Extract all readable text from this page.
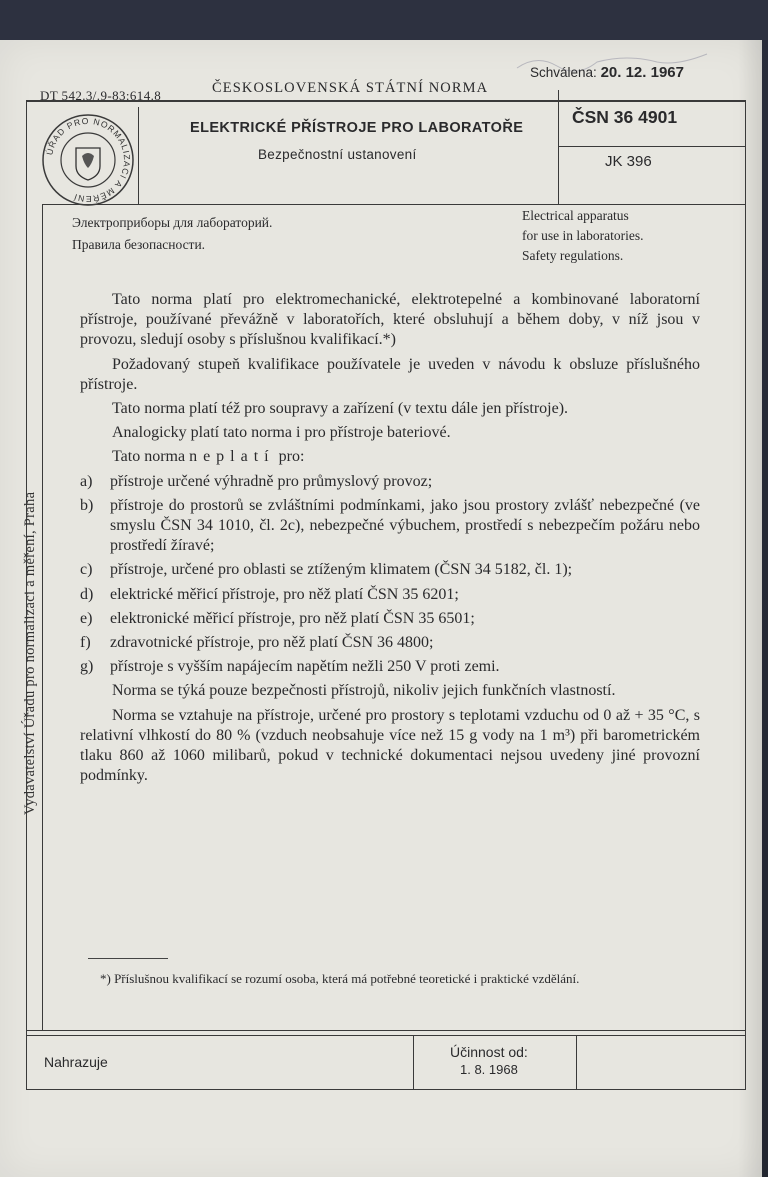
DT 542.3/.9-83:614.8	ČESKOSLOVENSKÁ STÁTNÍ NORMA
Schválena: 20. 12. 1967
ÚŘAD PRO NORMALIZACI A MĚŘENÍ
ELEKTRICKÉ PŘÍSTROJE PRO LABORATOŘE
Bezpečnostní ustanovení
ČSN 36 4901
JK 396
Электроприборы для лабораторий.
Правила безопасности.
Electrical apparatus
for use in laboratories.
Safety regulations.
Vydavatelství Úřadu pro normalizaci a měření, Praha

Tato norma platí pro elektromechanické, elektrotepelné a kombinované laboratorní přístroje, používané převážně v laboratořích, které obsluhují a během doby, v níž jsou v provozu, sledují osoby s příslušnou kvalifikací.*)

Požadovaný stupeň kvalifikace používatele je uveden v návodu k obsluze příslušného přístroje.

Tato norma platí též pro soupravy a zařízení (v textu dále jen přístroje).

Analogicky platí tato norma i pro přístroje bateriové.

Tato norma neplatí pro:

a)	přístroje určené výhradně pro průmyslový provoz;
b)	přístroje do prostorů se zvláštními podmínkami, jako jsou prostory zvlášť nebezpečné (ve smyslu ČSN 34 1010, čl. 2c), nebezpečné výbuchem, prostředí s nebezpečím požáru nebo prostředí žíravé;
c)	přístroje, určené pro oblasti se ztíženým klimatem (ČSN 34 5182, čl. 1);
d)	elektrické měřicí přístroje, pro něž platí ČSN 35 6201;
e)	elektronické měřicí přístroje, pro něž platí ČSN 35 6501;
f)	zdravotnické přístroje, pro něž platí ČSN 36 4800;
g)	přístroje s vyšším napájecím napětím nežli 250 V proti zemi.

Norma se týká pouze bezpečnosti přístrojů, nikoliv jejich funkčních vlastností.

Norma se vztahuje na přístroje, určené pro prostory s teplotami vzduchu od 0 až + 35 °C, s relativní vlhkostí do 80 % (vzduch neobsahuje více než 15 g vody na 1 m³) při barometrickém tlaku 860 až 1060 milibarů, pokud v technické dokumentaci nejsou uvedeny jiné provozní podmínky.

*) Příslušnou kvalifikací se rozumí osoba, která má potřebné teoretické i praktické vzdělání.
Nahrazuje
Účinnost od:
1. 8. 1968
